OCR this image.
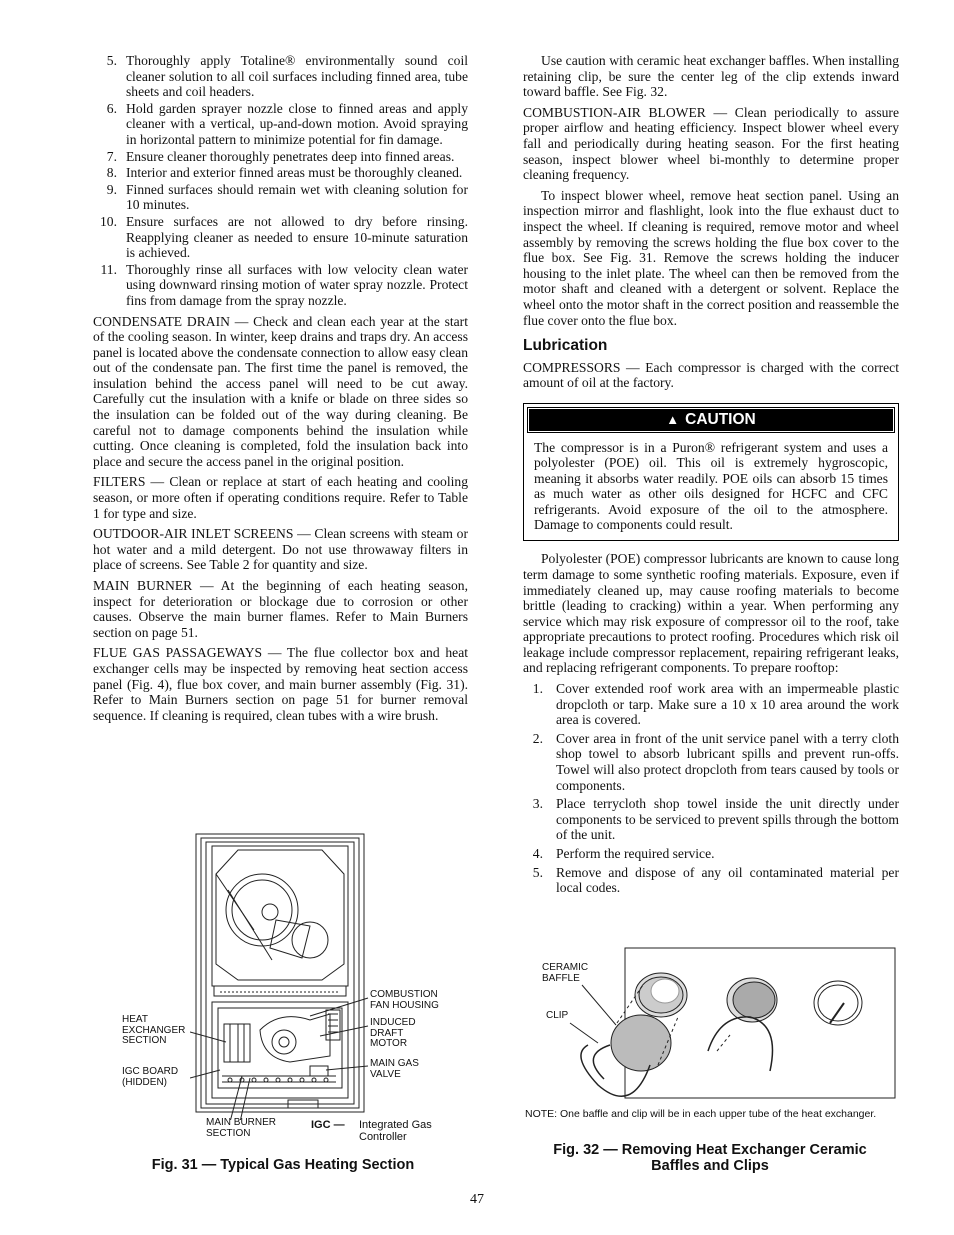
5. Thoroughly apply Totaline® environmentally sound coil cleaner solution to all coil surfaces including finned area, tube sheets and coil headers.
6. Hold garden sprayer nozzle close to finned areas and apply cleaner with a vertical, up-and-down motion. Avoid spraying in horizontal pattern to minimize potential for fin damage.
7. Ensure cleaner thoroughly penetrates deep into finned areas.
8. Interior and exterior finned areas must be thoroughly cleaned.
9. Finned surfaces should remain wet with cleaning solution for 10 minutes.
10. Ensure surfaces are not allowed to dry before rinsing. Reapplying cleaner as needed to ensure 10-minute saturation is achieved.
11. Thoroughly rinse all surfaces with low velocity clean water using downward rinsing motion of water spray nozzle. Protect fins from damage from the spray nozzle.

CONDENSATE DRAIN — Check and clean each year at the start of the cooling season. In winter, keep drains and traps dry. An access panel is located above the condensate connection to allow easy clean out of the condensate pan. The first time the panel is removed, the insulation behind the access panel will need to be cut away. Carefully cut the insulation with a knife or blade on three sides so the insulation can be folded out of the way during cleaning. Be careful not to damage components behind the insulation while cutting. Once cleaning is completed, fold the insulation back into place and secure the access panel in the original position.

FILTERS — Clean or replace at start of each heating and cooling season, or more often if operating conditions require. Refer to Table 1 for type and size.

OUTDOOR-AIR INLET SCREENS — Clean screens with steam or hot water and a mild detergent. Do not use throwaway filters in place of screens. See Table 2 for quantity and size.

MAIN BURNER — At the beginning of each heating season, inspect for deterioration or blockage due to corrosion or other causes. Observe the main burner flames. Refer to Main Burners section on page 51.

FLUE GAS PASSAGEWAYS — The flue collector box and heat exchanger cells may be inspected by removing heat section access panel (Fig. 4), flue box cover, and main burner assembly (Fig. 31). Refer to Main Burners section on page 51 for burner removal sequence. If cleaning is required, clean tubes with a wire brush.

Use caution with ceramic heat exchanger baffles. When installing retaining clip, be sure the center leg of the clip extends inward toward baffle. See Fig. 32.

COMBUSTION-AIR BLOWER — Clean periodically to assure proper airflow and heating efficiency. Inspect blower wheel every fall and periodically during heating season. For the first heating season, inspect blower wheel bi-monthly to determine proper cleaning frequency.

To inspect blower wheel, remove heat section panel. Using an inspection mirror and flashlight, look into the flue exhaust duct to inspect the wheel. If cleaning is required, remove motor and wheel assembly by removing the screws holding the flue box cover to the flue box. See Fig. 31. Remove the screws holding the inducer housing to the inlet plate. The wheel can then be removed from the motor shaft and cleaned with a detergent or solvent. Replace the wheel onto the motor shaft in the correct position and reassemble the flue cover onto the flue box.

Lubrication

COMPRESSORS — Each compressor is charged with the correct amount of oil at the factory.

▲ CAUTION

The compressor is in a Puron® refrigerant system and uses a polyolester (POE) oil. This oil is extremely hygroscopic, meaning it absorbs water readily. POE oils can absorb 15 times as much water as other oils designed for HCFC and CFC refrigerants. Avoid exposure of the oil to the atmosphere. Damage to components could result.

Polyolester (POE) compressor lubricants are known to cause long term damage to some synthetic roofing materials. Exposure, even if immediately cleaned up, may cause roofing materials to become brittle (leading to cracking) within a year. When performing any service which may risk exposure of compressor oil to the roof, take appropriate precautions to protect roofing. Procedures which risk oil leakage include compressor replacement, repairing refrigerant leaks, and replacing refrigerant components. To prepare rooftop:

1. Cover extended roof work area with an impermeable plastic dropcloth or tarp. Make sure a 10 x 10 area around the work area is covered.
2. Cover area in front of the unit service panel with a terry cloth shop towel to absorb lubricant spills and prevent run-offs. Towel will also protect dropcloth from tears caused by tools or components.
3. Place terrycloth shop towel inside the unit directly under components to be serviced to prevent spills through the bottom of the unit.
4. Perform the required service.
5. Remove and dispose of any oil contaminated material per local codes.
HEAT
EXCHANGER
SECTION
IGC BOARD
(HIDDEN)
MAIN BURNER
SECTION
COMBUSTION
FAN HOUSING
INDUCED
DRAFT
MOTOR
MAIN GAS
VALVE
IGC — Integrated Gas
Controller
Fig. 31 — Typical Gas Heating Section
CERAMIC
BAFFLE
CLIP
NOTE: One baffle and clip will be in each upper tube of the heat exchanger.
Fig. 32 — Removing Heat Exchanger Ceramic Baffles and Clips
47
